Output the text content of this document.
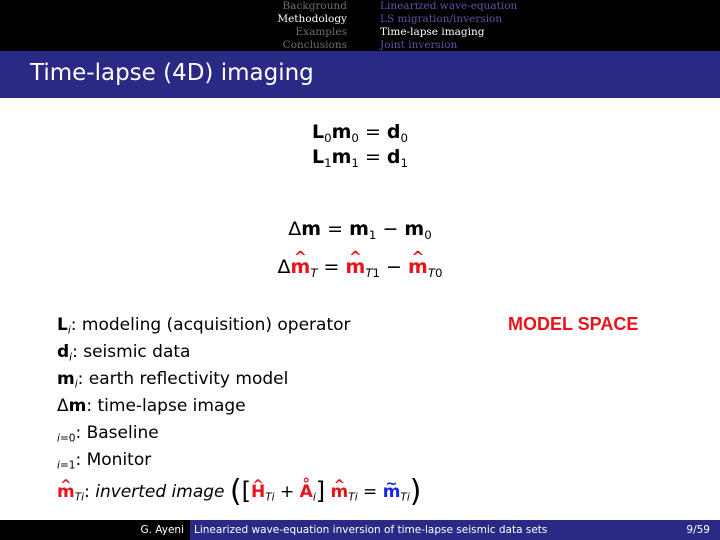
Background
Methodology
Examples
Conclusions
Linearized wave-equation
LS migration/inversion
Time-lapse imaging
Joint inversion
Time-lapse (4D) imaging
$L_0m_0 = d_0$
$L_1m_1 = d_1$
$\Delta m = m_1 - m_0$
Δ^ $m_T$ = ^ $m_{T1}$ − ^ $m_{T0}$
MODEL SPACE
$L_i$: modeling (acquisition) operator
$d_i$: seismic data
$m_i$: earth reflectivity model
Δm: time-lapse image
$_{i=0}$: Baseline
$_{i=1}$: Monitor
^ $m_{Ti}$: inverted image ([^ $H_{Ti}$ + ° $A_i$] ^ $m_{Ti}$ = ~ $m_{Ti}$)
G. Ayeni Linearized wave-equation inversion of time-lapse seismic data sets	9/59
